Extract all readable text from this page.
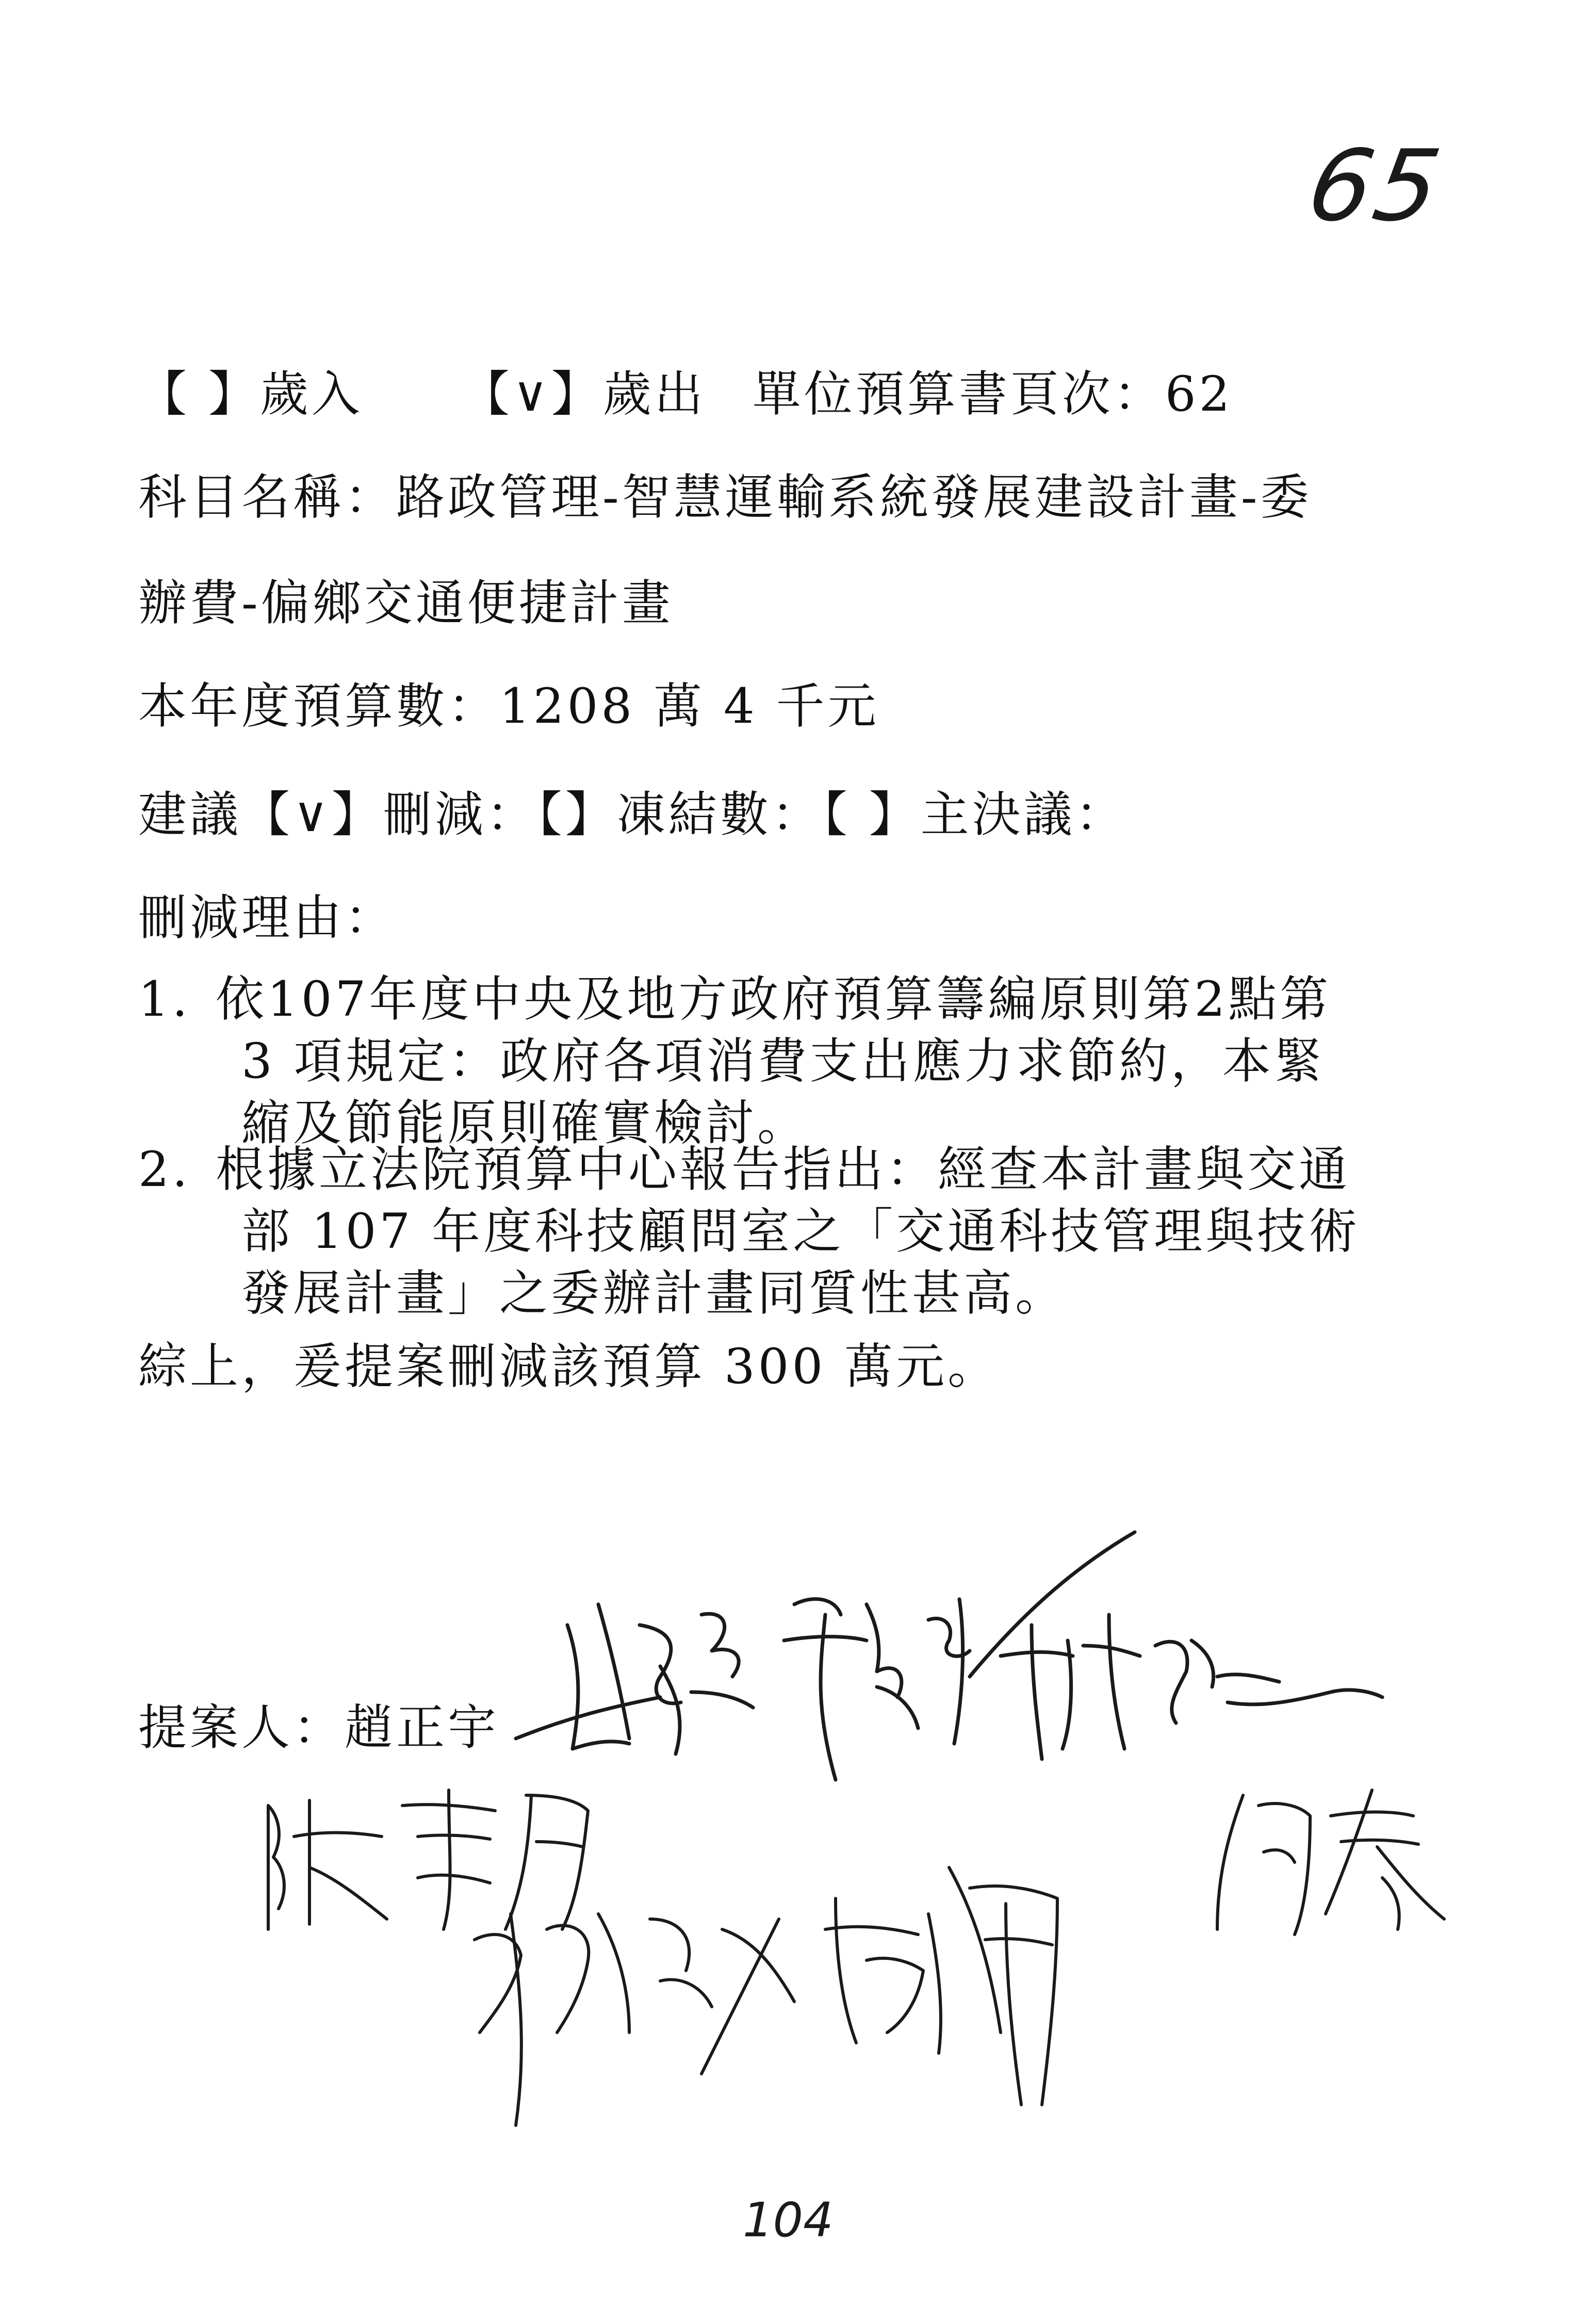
65
【 】歲入 【∨】歲出 單位預算書頁次：62
科目名稱：路政管理-智慧運輸系統發展建設計畫-委
辦費-偏鄉交通便捷計畫
本年度預算數：1208 萬 4 千元
建議【∨】刪減：【】凍結數：【 】主決議：
刪減理由：
1. 依107年度中央及地方政府預算籌編原則第2點第
3 項規定：政府各項消費支出應力求節約，本緊
縮及節能原則確實檢討。
2. 根據立法院預算中心報告指出：經查本計畫與交通
部 107 年度科技顧問室之「交通科技管理與技術
發展計畫」之委辦計畫同質性甚高。
綜上，爰提案刪減該預算 300 萬元。
提案人：趙正宇
104
